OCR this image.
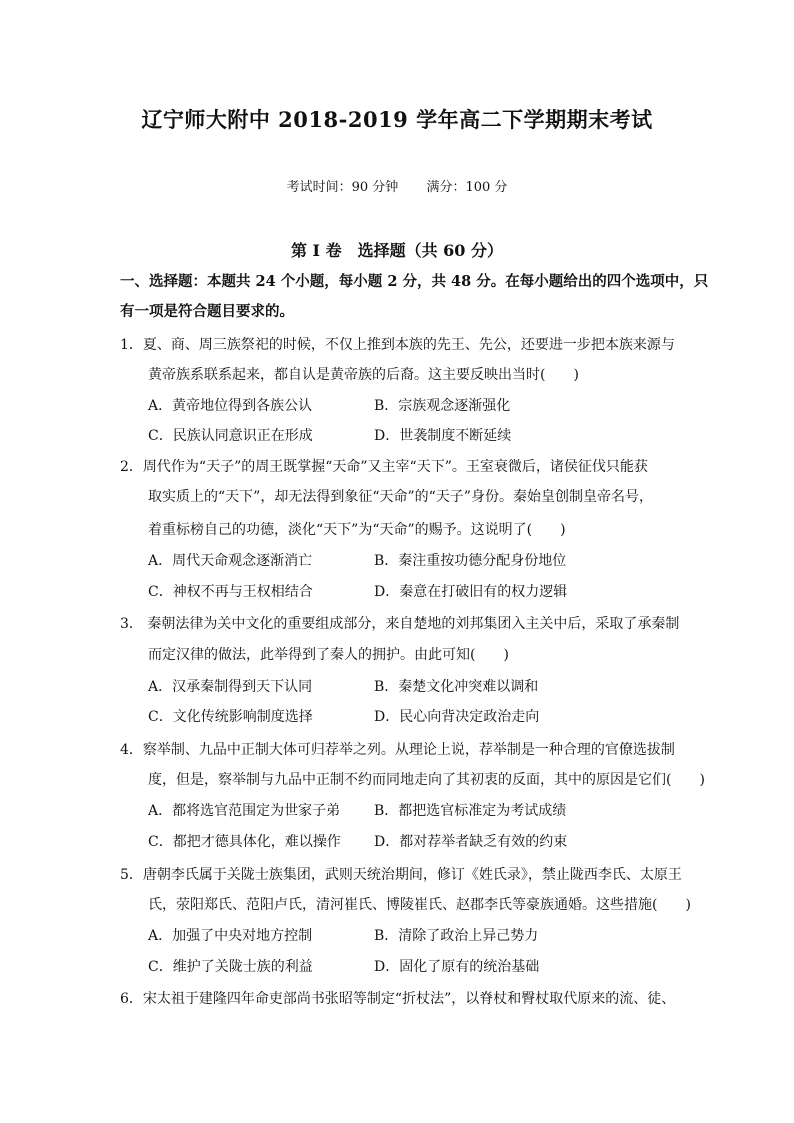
辽宁师大附中 2018-2019 学年高二下学期期末考试
考试时间：90 分钟 满分：100 分
第 I 卷　选择题（共 60 分）
一、选择题：本题共 24 个小题，每小题 2 分，共 48 分。在每小题给出的四个选项中，只
有一项是符合题目要求的。
1．夏、商、周三族祭祀的时候，不仅上推到本族的先王、先公，还要进一步把本族来源与
黄帝族系联系起来，都自认是黄帝族的后裔。这主要反映出当时(　　)
A．黄帝地位得到各族公认	B．宗族观念逐渐强化
C．民族认同意识正在形成	D．世袭制度不断延续
2．周代作为“天子”的周王既掌握“天命”又主宰“天下”。王室衰微后，诸侯征伐只能获
取实质上的“天下”，却无法得到象征“天命”的“天子”身份。秦始皇创制皇帝名号，
着重标榜自己的功德，淡化“天下”为“天命”的赐予。这说明了(　　)
A．周代天命观念逐渐消亡	B．秦注重按功德分配身份地位
C．神权不再与王权相结合	D．秦意在打破旧有的权力逻辑
3． 秦朝法律为关中文化的重要组成部分，来自楚地的刘邦集团入主关中后，采取了承秦制
而定汉律的做法，此举得到了秦人的拥护。由此可知(　　)
A．汉承秦制得到天下认同	B．秦楚文化冲突难以调和
C．文化传统影响制度选择	D．民心向背决定政治走向
4．察举制、九品中正制大体可归荐举之列。从理论上说，荐举制是一种合理的官僚选拔制
度，但是，察举制与九品中正制不约而同地走向了其初衷的反面，其中的原因是它们(　　)
A．都将选官范围定为世家子弟 B．都把选官标准定为考试成绩
C．都把才德具体化，难以操作 D．都对荐举者缺乏有效的约束
5．唐朝李氏属于关陇士族集团，武则天统治期间，修订《姓氏录》，禁止陇西李氏、太原王
氏，荥阳郑氏、范阳卢氏，清河崔氏、博陵崔氏、赵郡李氏等豪族通婚。这些措施(　　)
A．加强了中央对地方控制	B．清除了政治上异己势力
C．维护了关陇士族的利益	D．固化了原有的统治基础
6．宋太祖于建隆四年命吏部尚书张昭等制定“折杖法”，以脊杖和臀杖取代原来的流、徒、
